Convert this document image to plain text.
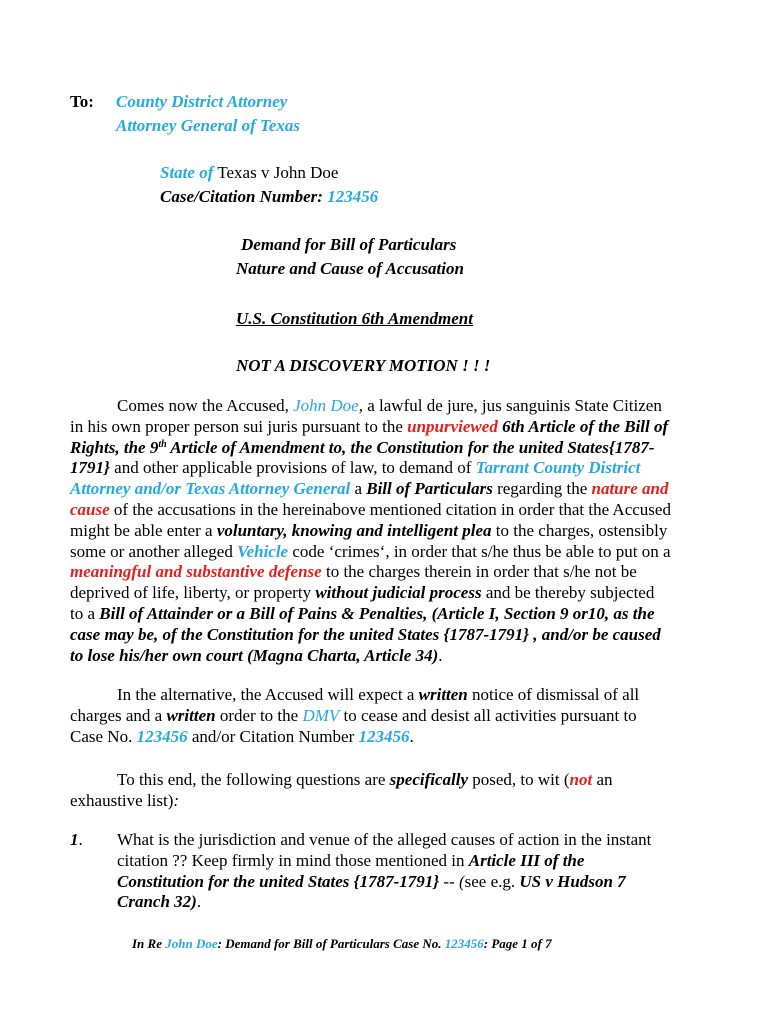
To: County District Attorney
Attorney General of Texas
State of Texas v John Doe
Case/Citation Number: 123456
Demand for Bill of Particulars
Nature and Cause of Accusation
U.S. Constitution 6th Amendment
NOT A DISCOVERY MOTION ! ! !
Comes now the Accused, John Doe, a lawful de jure, jus sanguinis State Citizen
in his own proper person sui juris pursuant to the unpurviewed 6th Article of the Bill of
Rights, the 9th Article of Amendment to, the Constitution for the united States{1787-
1791} and other applicable provisions of law, to demand of Tarrant County District
Attorney and/or Texas Attorney General a Bill of Particulars regarding the nature and
cause of the accusations in the hereinabove mentioned citation in order that the Accused
might be able enter a voluntary, knowing and intelligent plea to the charges, ostensibly
some or another alleged Vehicle code ‘crimes‘, in order that s/he thus be able to put on a
meaningful and substantive defense to the charges therein in order that s/he not be
deprived of life, liberty, or property without judicial process and be thereby subjected
to a Bill of Attainder or a Bill of Pains & Penalties, (Article I, Section 9 or10, as the
case may be, of the Constitution for the united States {1787-1791} , and/or be caused
to lose his/her own court (Magna Charta, Article 34).
In the alternative, the Accused will expect a written notice of dismissal of all
charges and a written order to the DMV to cease and desist all activities pursuant to
Case No. 123456 and/or Citation Number 123456.
To this end, the following questions are specifically posed, to wit (not an
exhaustive list):
1. What is the jurisdiction and venue of the alleged causes of action in the instant
citation ?? Keep firmly in mind those mentioned in Article III of the
Constitution for the united States {1787-1791} -- (see e.g. US v Hudson 7
Cranch 32).
In Re John Doe: Demand for Bill of Particulars Case No. 123456: Page 1 of 7
